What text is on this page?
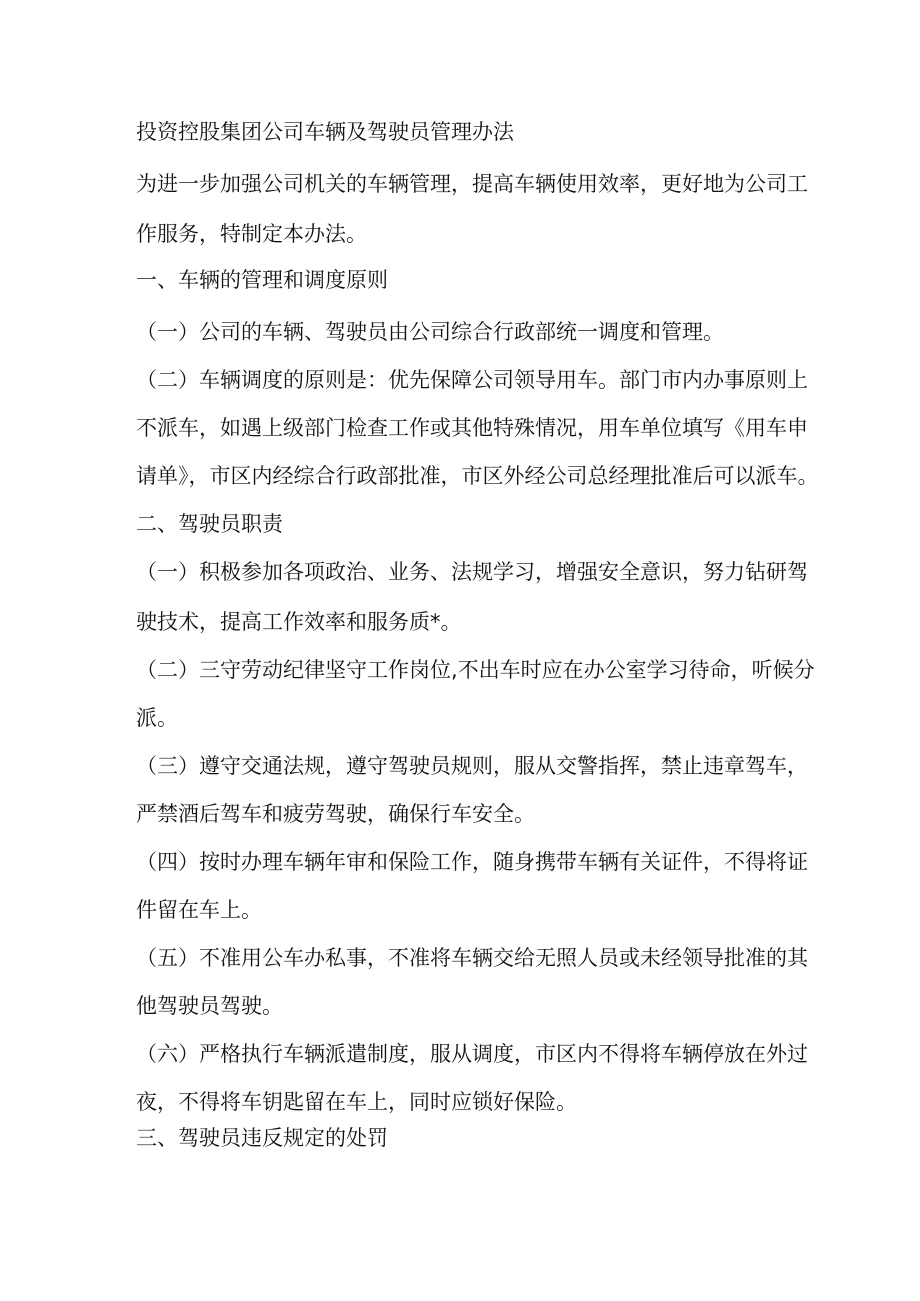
投资控股集团公司车辆及驾驶员管理办法
为进一步加强公司机关的车辆管理，提高车辆使用效率，更好地为公司工
作服务，特制定本办法。
一、车辆的管理和调度原则
（一）公司的车辆、驾驶员由公司综合行政部统一调度和管理。
（二）车辆调度的原则是：优先保障公司领导用车。部门市内办事原则上
不派车，如遇上级部门检查工作或其他特殊情况，用车单位填写《用车申
请单》，市区内经综合行政部批准，市区外经公司总经理批准后可以派车。
二、驾驶员职责
（一）积极参加各项政治、业务、法规学习，增强安全意识，努力钻研驾
驶技术，提高工作效率和服务质*。
（二）三守劳动纪律坚守工作岗位,不出车时应在办公室学习待命，听候分
派。
（三）遵守交通法规，遵守驾驶员规则，服从交警指挥，禁止违章驾车，
严禁酒后驾车和疲劳驾驶，确保行车安全。
（四）按时办理车辆年审和保险工作，随身携带车辆有关证件，不得将证
件留在车上。
（五）不准用公车办私事，不准将车辆交给无照人员或未经领导批准的其
他驾驶员驾驶。
（六）严格执行车辆派遣制度，服从调度，市区内不得将车辆停放在外过
夜，不得将车钥匙留在车上，同时应锁好保险。
三、驾驶员违反规定的处罚
